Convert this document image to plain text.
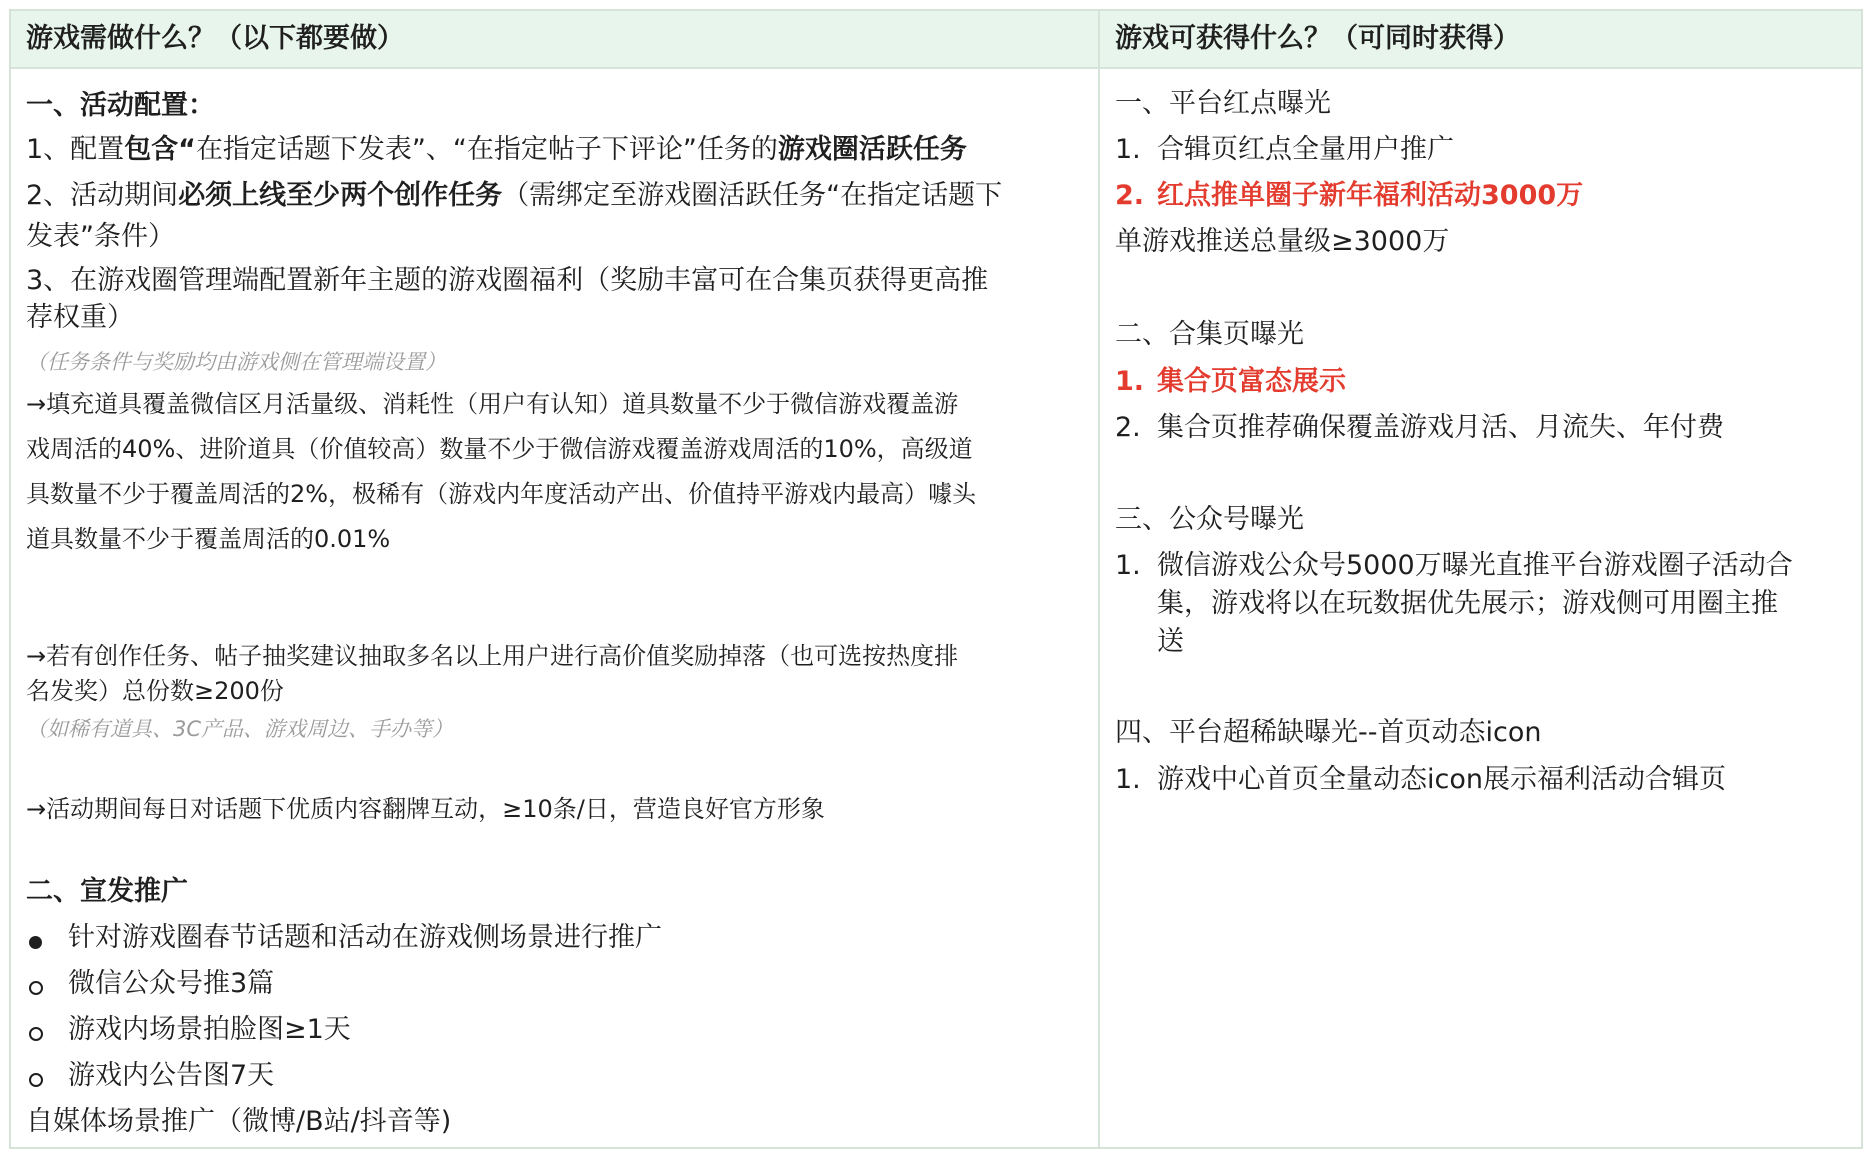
游戏需做什么？（以下都要做）	游戏可获得什么？（可同时获得）
一、活动配置：
1、配置包含“在指定话题下发表”、“在指定帖子下评论”任务的游戏圈活跃任务
2、活动期间必须上线至少两个创作任务（需绑定至游戏圈活跃任务“在指定话题下
发表”条件）
3、在游戏圈管理端配置新年主题的游戏圈福利（奖励丰富可在合集页获得更高推
荐权重）
（任务条件与奖励均由游戏侧在管理端设置）
→填充道具覆盖微信区月活量级、消耗性（用户有认知）道具数量不少于微信游戏覆盖游
戏周活的40%、进阶道具（价值较高）数量不少于微信游戏覆盖游戏周活的10%，高级道
具数量不少于覆盖周活的2%，极稀有（游戏内年度活动产出、价值持平游戏内最高）噱头
道具数量不少于覆盖周活的0.01%
→若有创作任务、帖子抽奖建议抽取多名以上用户进行高价值奖励掉落（也可选按热度排
名发奖）总份数≥200份
（如稀有道具、3C产品、游戏周边、手办等）
→活动期间每日对话题下优质内容翻牌互动，≥10条/日，营造良好官方形象
二、宣发推广
针对游戏圈春节话题和活动在游戏侧场景进行推广
微信公众号推3篇
游戏内场景拍脸图≥1天
游戏内公告图7天
自媒体场景推广（微博/B站/抖音等)
一、平台红点曝光
1. 合辑页红点全量用户推广
2. 红点推单圈子新年福利活动3000万
单游戏推送总量级≥3000万
二、合集页曝光
1. 集合页富态展示
2. 集合页推荐确保覆盖游戏月活、月流失、年付费
三、公众号曝光
1. 微信游戏公众号5000万曝光直推平台游戏圈子活动合
集，游戏将以在玩数据优先展示；游戏侧可用圈主推
送
四、平台超稀缺曝光--首页动态icon
1. 游戏中心首页全量动态icon展示福利活动合辑页
